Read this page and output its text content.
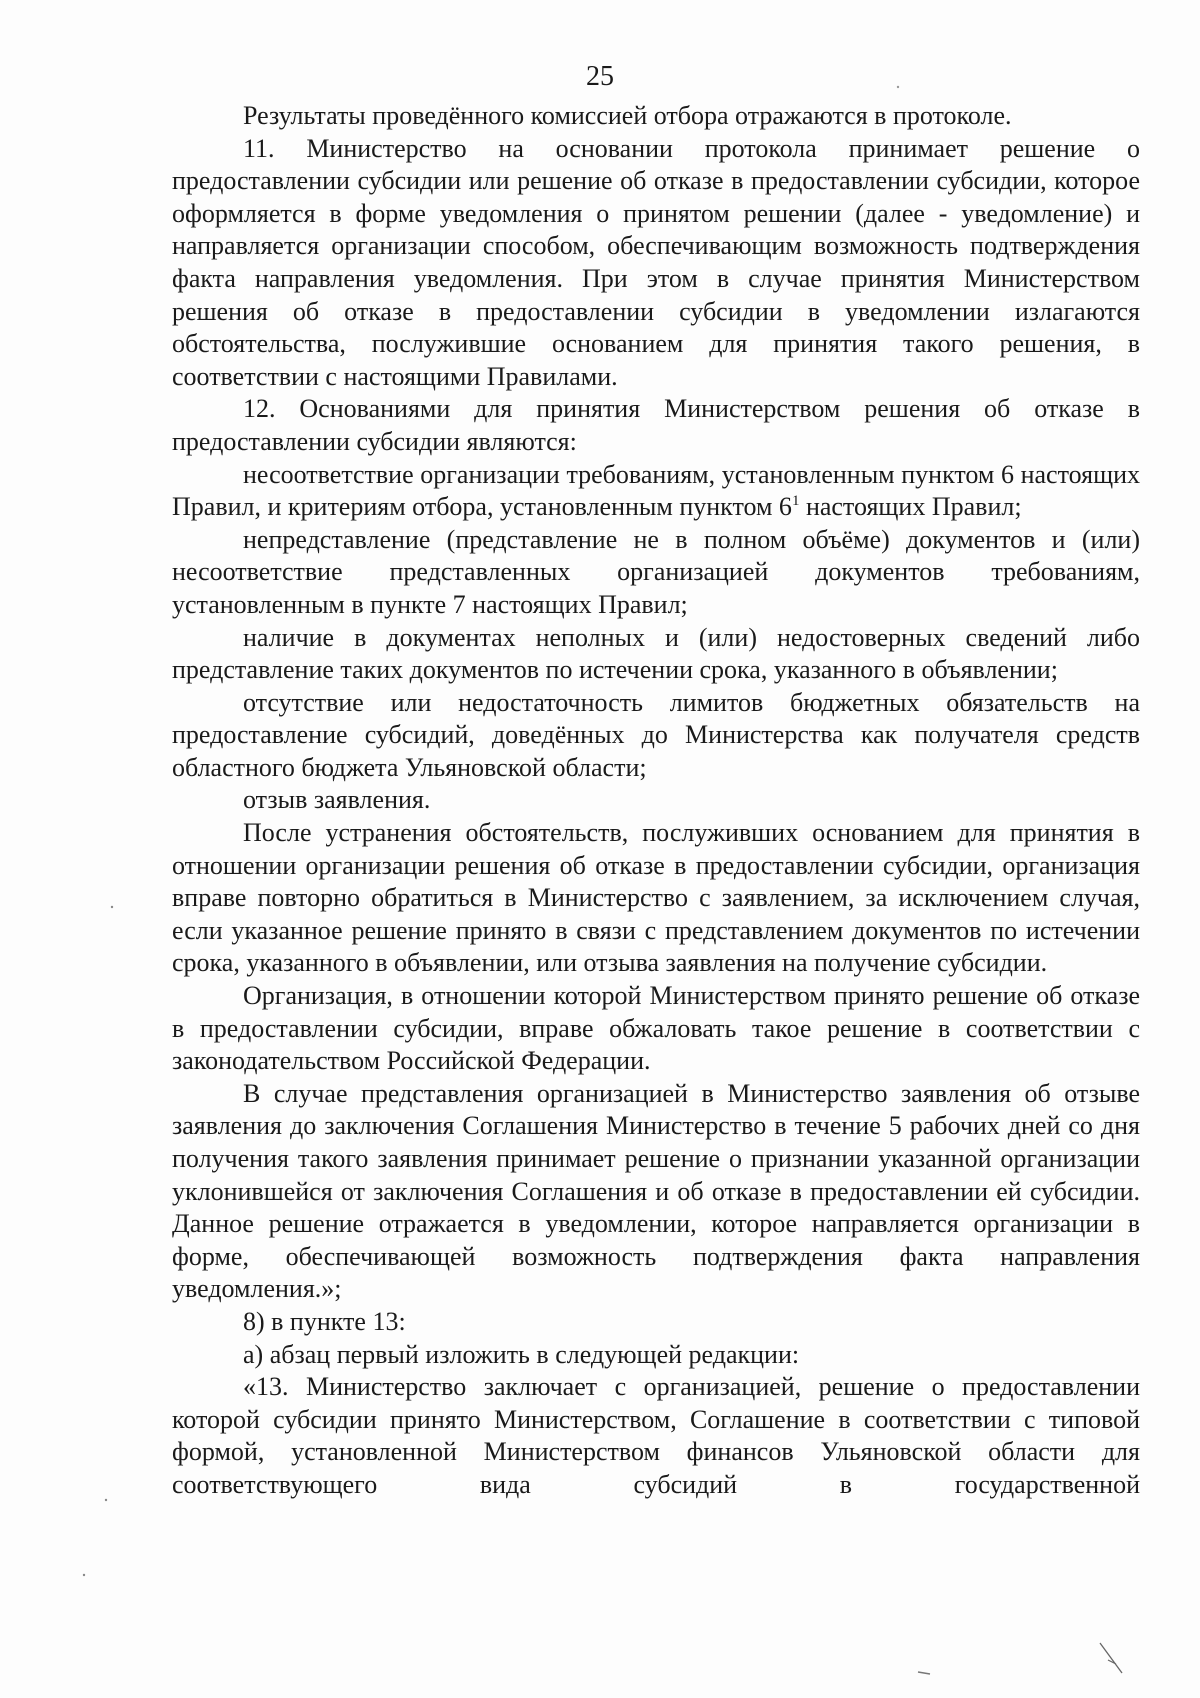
25

Результаты проведённого комиссией отбора отражаются в протоколе.

11. Министерство на основании протокола принимает решение о предоставлении субсидии или решение об отказе в предоставлении субсидии, которое оформляется в форме уведомления о принятом решении (далее - уведомление) и направляется организации способом, обеспечивающим возможность подтверждения факта направления уведомления. При этом в случае принятия Министерством решения об отказе в предоставлении субсидии в уведомлении излагаются обстоятельства, послужившие основанием для принятия такого решения, в соответствии с настоящими Правилами.

12. Основаниями для принятия Министерством решения об отказе в предоставлении субсидии являются:

несоответствие организации требованиям, установленным пунктом 6 настоящих Правил, и критериям отбора, установленным пунктом $6^1$ настоящих Правил;

непредставление (представление не в полном объёме) документов и (или) несоответствие представленных организацией документов требованиям, установленным в пункте 7 настоящих Правил;

наличие в документах неполных и (или) недостоверных сведений либо представление таких документов по истечении срока, указанного в объявлении;

отсутствие или недостаточность лимитов бюджетных обязательств на предоставление субсидий, доведённых до Министерства как получателя средств областного бюджета Ульяновской области;

отзыв заявления.

После устранения обстоятельств, послуживших основанием для принятия в отношении организации решения об отказе в предоставлении субсидии, организация вправе повторно обратиться в Министерство с заявлением, за исключением случая, если указанное решение принято в связи с представлением документов по истечении срока, указанного в объявлении, или отзыва заявления на получение субсидии.

Организация, в отношении которой Министерством принято решение об отказе в предоставлении субсидии, вправе обжаловать такое решение в соответствии с законодательством Российской Федерации.

В случае представления организацией в Министерство заявления об отзыве заявления до заключения Соглашения Министерство в течение 5 рабочих дней со дня получения такого заявления принимает решение о признании указанной организации уклонившейся от заключения Соглашения и об отказе в предоставлении ей субсидии. Данное решение отражается в уведомлении, которое направляется организации в форме, обеспечивающей возможность подтверждения факта направления уведомления.»;

8) в пункте 13:

а) абзац первый изложить в следующей редакции:

«13. Министерство заключает с организацией, решение о предоставлении которой субсидии принято Министерством, Соглашение в соответствии с типовой формой, установленной Министерством финансов Ульяновской области для соответствующего вида субсидий в государственной
